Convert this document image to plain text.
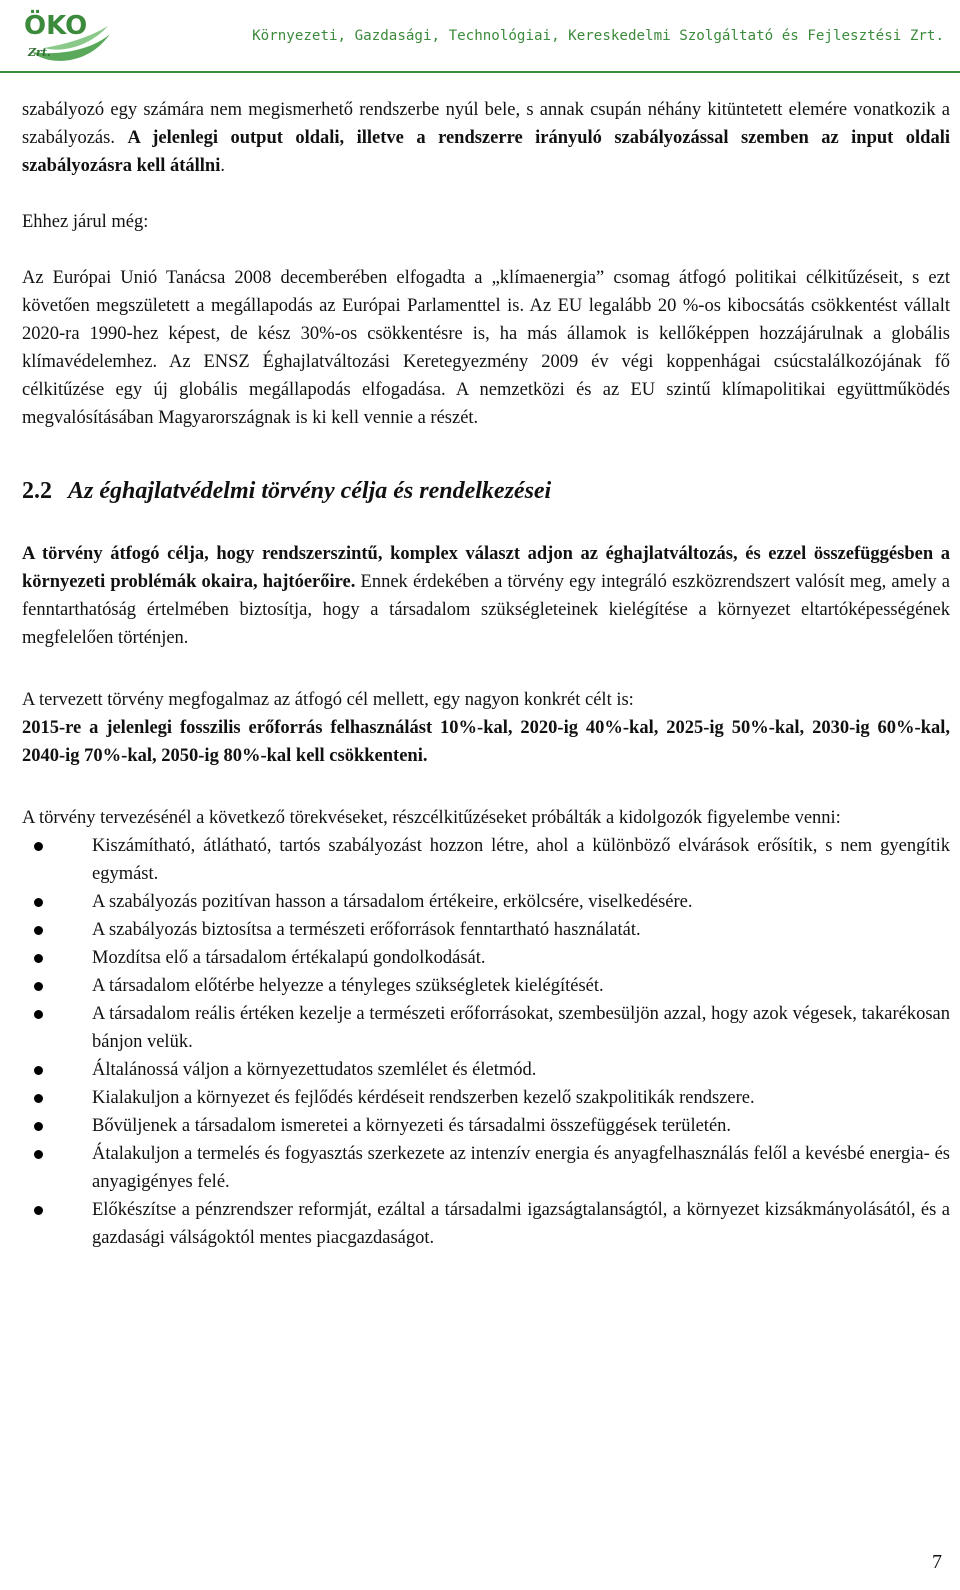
ÖKO
Zrt.
Környezeti, Gazdasági, Technológiai, Kereskedelmi Szolgáltató és Fejlesztési Zrt.

szabályozó egy számára nem megismerhető rendszerbe nyúl bele, s annak csupán néhány kitüntetett elemére vonatkozik a szabályozás. A jelenlegi output oldali, illetve a rendszerre irányuló szabályozással szemben az input oldali szabályozásra kell átállni.

Ehhez járul még:

Az Európai Unió Tanácsa 2008 decemberében elfogadta a „klímaenergia” csomag átfogó politikai célkitűzéseit, s ezt követően megszületett a megállapodás az Európai Parlamenttel is. Az EU legalább 20 %-os kibocsátás csökkentést vállalt 2020-ra 1990-hez képest, de kész 30%-os csökkentésre is, ha más államok is kellőképpen hozzájárulnak a globális klímavédelemhez. Az ENSZ Éghajlatváltozási Keretegyezmény 2009 év végi koppenhágai csúcstalálkozójának fő célkitűzése egy új globális megállapodás elfogadása. A nemzetközi és az EU szintű klímapolitikai együttműködés megvalósításában Magyarországnak is ki kell vennie a részét.

2.2 Az éghajlatvédelmi törvény célja és rendelkezései

A törvény átfogó célja, hogy rendszerszintű, komplex választ adjon az éghajlatváltozás, és ezzel összefüggésben a környezeti problémák okaira, hajtóerőire. Ennek érdekében a törvény egy integráló eszközrendszert valósít meg, amely a fenntarthatóság értelmében biztosítja, hogy a társadalom szükségleteinek kielégítése a környezet eltartóképességének megfelelően történjen.

A tervezett törvény megfogalmaz az átfogó cél mellett, egy nagyon konkrét célt is:

2015-re a jelenlegi fosszilis erőforrás felhasználást 10%-kal, 2020-ig 40%-kal, 2025-ig 50%-kal, 2030-ig 60%-kal, 2040-ig 70%-kal, 2050-ig 80%-kal kell csökkenteni.

A törvény tervezésénél a következő törekvéseket, részcélkitűzéseket próbálták a kidolgozók figyelembe venni:

Kiszámítható, átlátható, tartós szabályozást hozzon létre, ahol a különböző elvárások erősítik, s nem gyengítik egymást.
A szabályozás pozitívan hasson a társadalom értékeire, erkölcsére, viselkedésére.
A szabályozás biztosítsa a természeti erőforrások fenntartható használatát.
Mozdítsa elő a társadalom értékalapú gondolkodását.
A társadalom előtérbe helyezze a tényleges szükségletek kielégítését.
A társadalom reális értéken kezelje a természeti erőforrásokat, szembesüljön azzal, hogy azok végesek, takarékosan bánjon velük.
Általánossá váljon a környezettudatos szemlélet és életmód.
Kialakuljon a környezet és fejlődés kérdéseit rendszerben kezelő szakpolitikák rendszere.
Bővüljenek a társadalom ismeretei a környezeti és társadalmi összefüggések területén.
Átalakuljon a termelés és fogyasztás szerkezete az intenzív energia és anyagfelhasználás felől a kevésbé energia- és anyagigényes felé.
Előkészítse a pénzrendszer reformját, ezáltal a társadalmi igazságtalanságtól, a környezet kizsákmányolásától, és a gazdasági válságoktól mentes piacgazdaságot.
7
